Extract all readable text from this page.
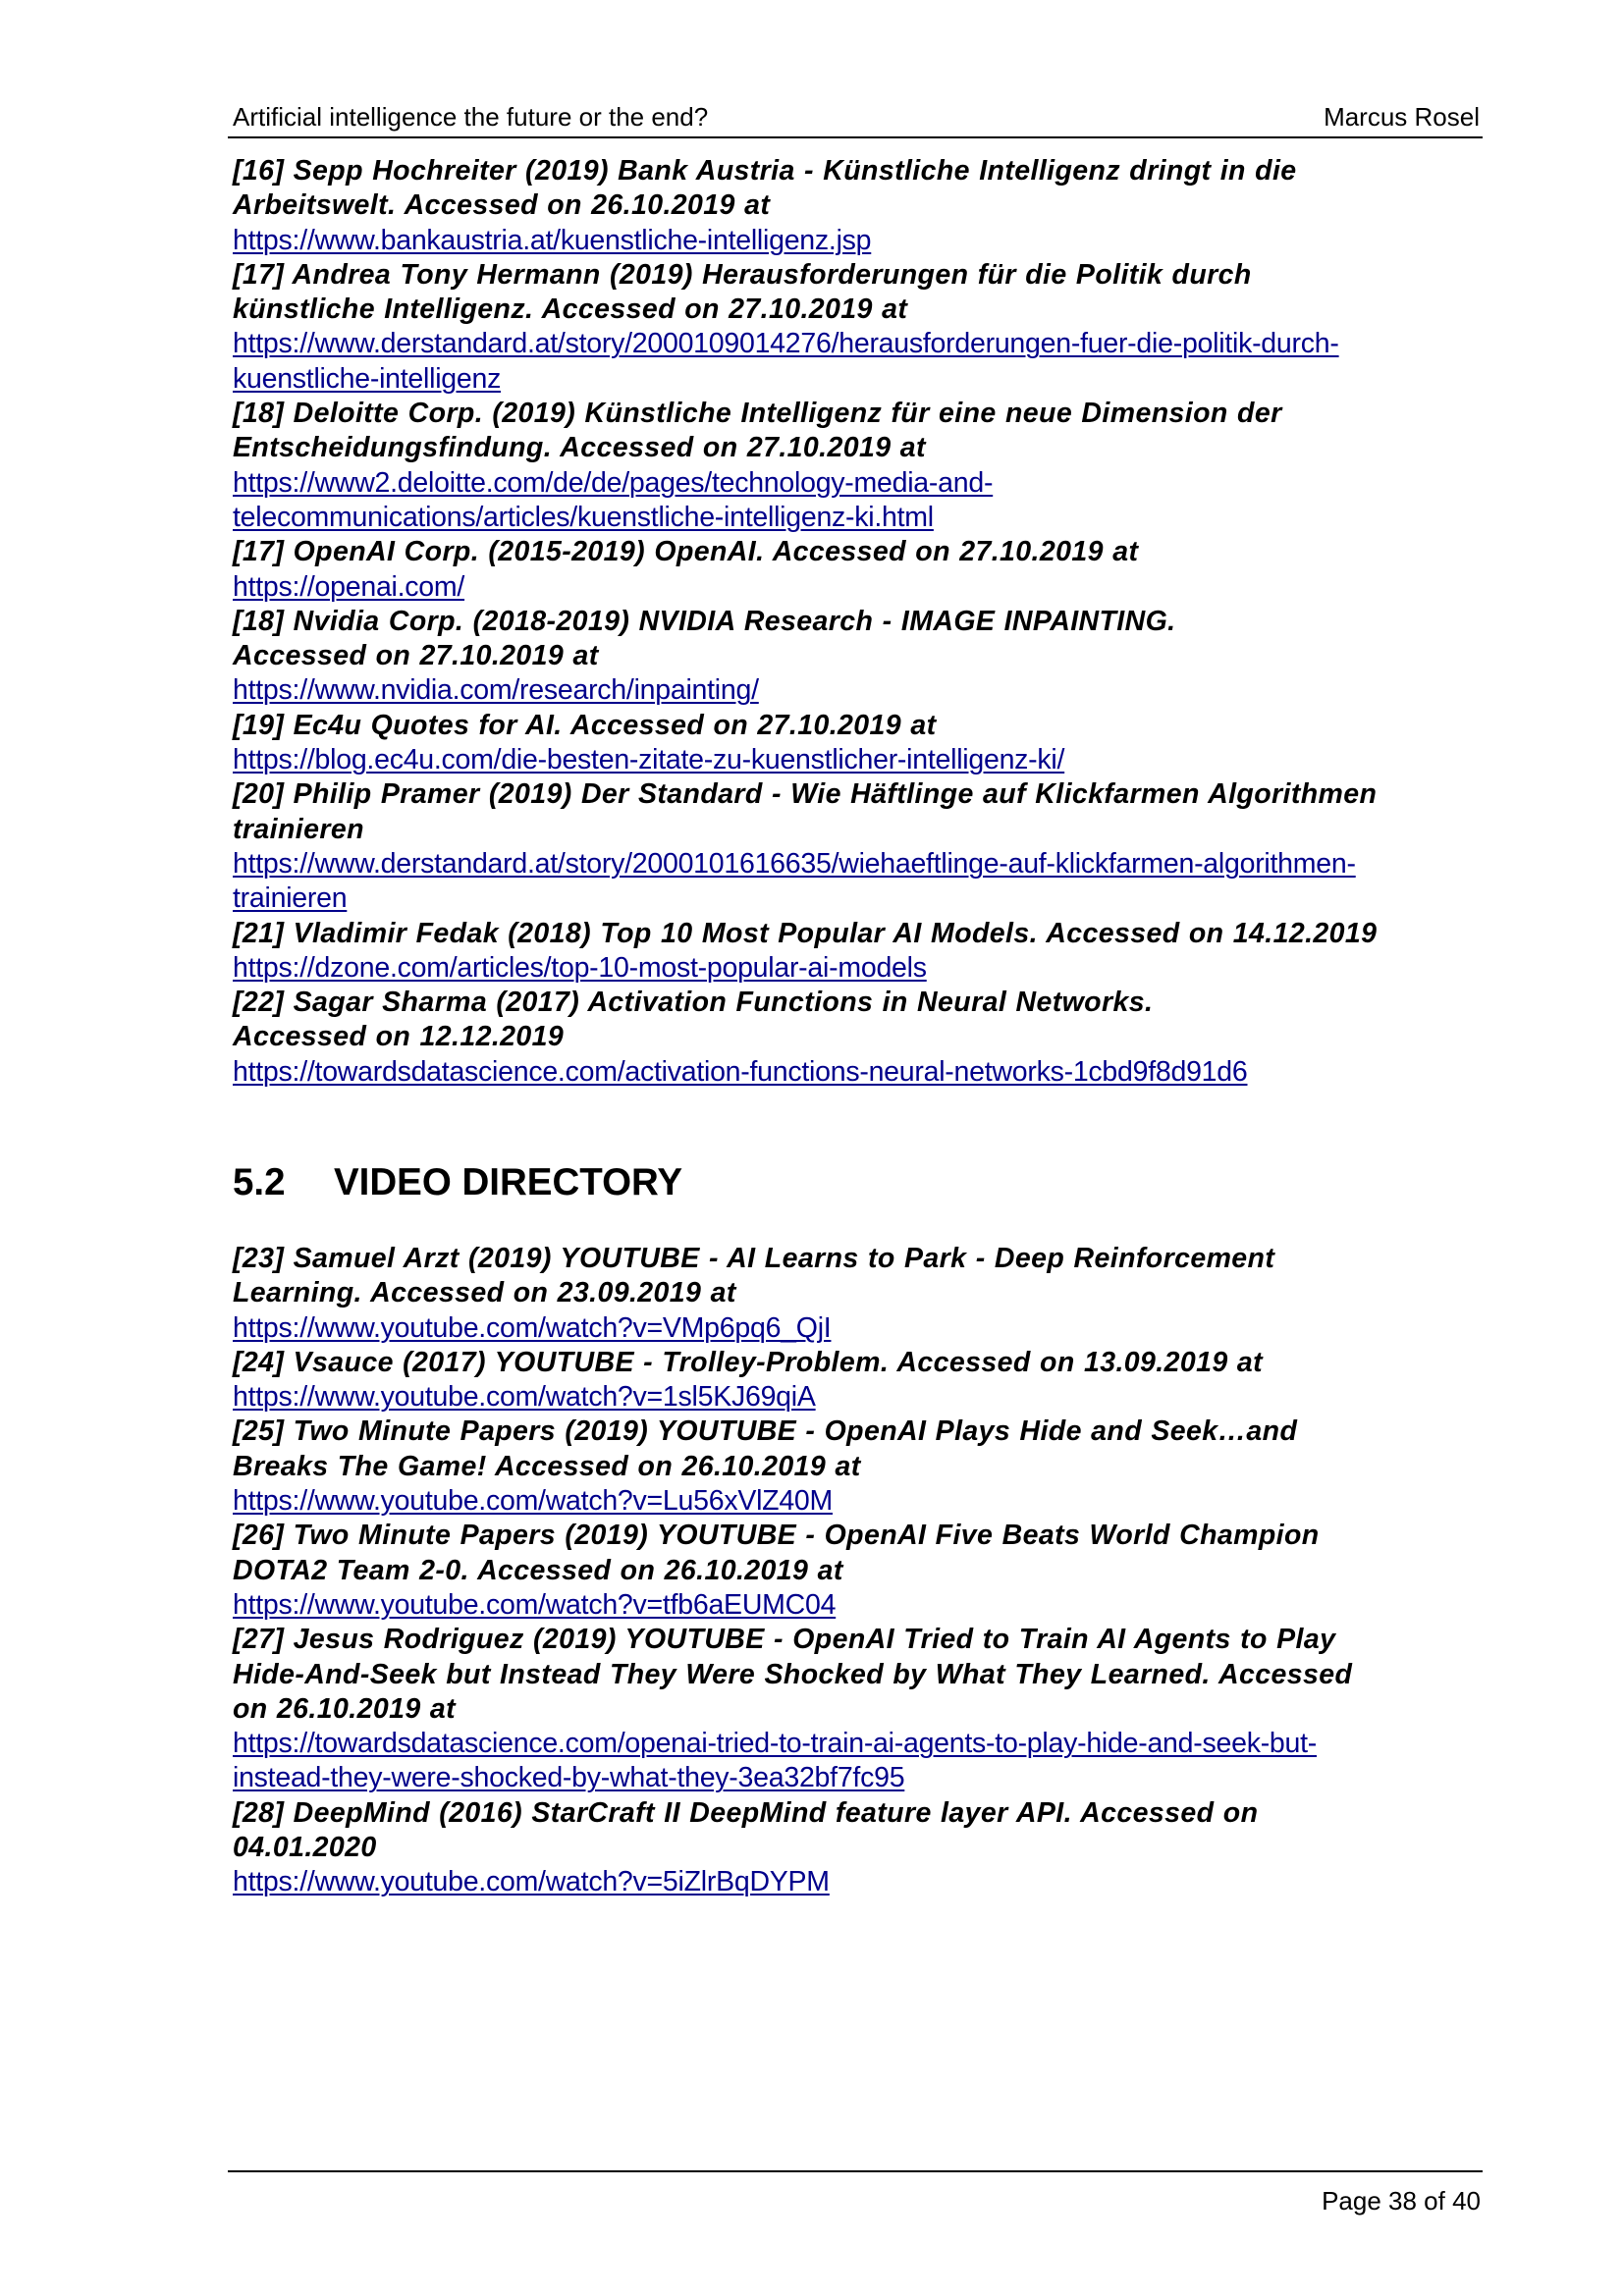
Artificial intelligence the future or the end?	Marcus Rosel
[16] Sepp Hochreiter (2019) Bank Austria - Künstliche Intelligenz dringt in die
Arbeitswelt. Accessed on 26.10.2019 at
https://www.bankaustria.at/kuenstliche-intelligenz.jsp
[17] Andrea Tony Hermann (2019) Herausforderungen für die Politik durch
künstliche Intelligenz. Accessed on 27.10.2019 at
https://www.derstandard.at/story/2000109014276/herausforderungen-fuer-die-politik-durch-
kuenstliche-intelligenz
[18] Deloitte Corp. (2019) Künstliche Intelligenz für eine neue Dimension der
Entscheidungsfindung. Accessed on 27.10.2019 at
https://www2.deloitte.com/de/de/pages/technology-media-and-
telecommunications/articles/kuenstliche-intelligenz-ki.html
[17] OpenAI Corp. (2015-2019) OpenAI. Accessed on 27.10.2019 at
https://openai.com/
[18] Nvidia Corp. (2018-2019) NVIDIA Research - IMAGE INPAINTING.
Accessed on 27.10.2019 at
https://www.nvidia.com/research/inpainting/
[19] Ec4u Quotes for AI. Accessed on 27.10.2019 at
https://blog.ec4u.com/die-besten-zitate-zu-kuenstlicher-intelligenz-ki/
[20] Philip Pramer (2019) Der Standard - Wie Häftlinge auf Klickfarmen Algorithmen
trainieren
https://www.derstandard.at/story/2000101616635/wiehaeftlinge-auf-klickfarmen-algorithmen-
trainieren
[21] Vladimir Fedak (2018) Top 10 Most Popular AI Models. Accessed on 14.12.2019
https://dzone.com/articles/top-10-most-popular-ai-models
[22] Sagar Sharma (2017) Activation Functions in Neural Networks.
Accessed on 12.12.2019
https://towardsdatascience.com/activation-functions-neural-networks-1cbd9f8d91d6
5.2 VIDEO DIRECTORY
[23] Samuel Arzt (2019) YOUTUBE - AI Learns to Park - Deep Reinforcement
Learning. Accessed on 23.09.2019 at
https://www.youtube.com/watch?v=VMp6pq6_QjI
[24] Vsauce (2017) YOUTUBE - Trolley-Problem. Accessed on 13.09.2019 at
https://www.youtube.com/watch?v=1sl5KJ69qiA
[25] Two Minute Papers (2019) YOUTUBE - OpenAI Plays Hide and Seek…and
Breaks The Game! Accessed on 26.10.2019 at
https://www.youtube.com/watch?v=Lu56xVlZ40M
[26] Two Minute Papers (2019) YOUTUBE - OpenAI Five Beats World Champion
DOTA2 Team 2-0. Accessed on 26.10.2019 at
https://www.youtube.com/watch?v=tfb6aEUMC04
[27] Jesus Rodriguez (2019) YOUTUBE - OpenAI Tried to Train AI Agents to Play
Hide-And-Seek but Instead They Were Shocked by What They Learned. Accessed
on 26.10.2019 at
https://towardsdatascience.com/openai-tried-to-train-ai-agents-to-play-hide-and-seek-but-
instead-they-were-shocked-by-what-they-3ea32bf7fc95
[28] DeepMind (2016) StarCraft II DeepMind feature layer API. Accessed on
04.01.2020
https://www.youtube.com/watch?v=5iZlrBqDYPM
Page 38 of 40
